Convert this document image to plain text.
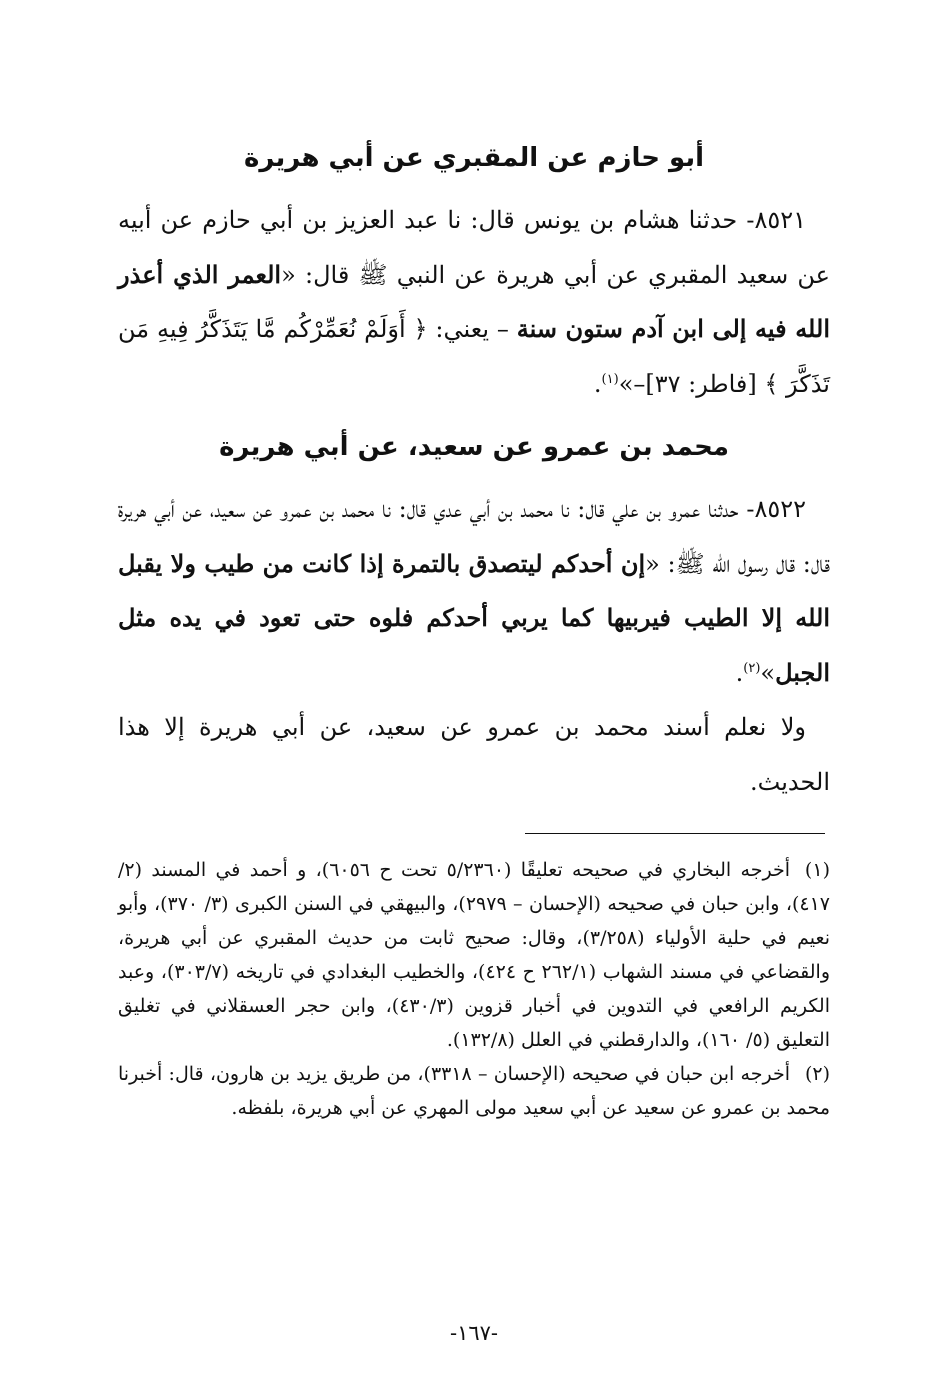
أبو حازم عن المقبري عن أبي هريرة

٨٥٢١- حدثنا هشام بن يونس قال: نا عبد العزيز بن أبي حازم عن أبيه عن سعيد المقبري عن أبي هريرة عن النبي ﷺ قال: «العمر الذي أعذر الله فيه إلى ابن آدم ستون سنة – يعني: ﴿ أَوَلَمْ نُعَمِّرْكُم مَّا يَتَذَكَّرُ فِيهِ مَن تَذَكَّرَ ﴾ [فاطر: ٣٧]–»$^{(١)}$.

محمد بن عمرو عن سعيد، عن أبي هريرة

٨٥٢٢- حدثنا عمرو بن علي قال: نا محمد بن أبي عدي قال: نا محمد بن عمرو عن سعيد، عن أبي هريرة قال: قال رسول الله ﷺ: «إن أحدكم ليتصدق بالتمرة إذا كانت من طيب ولا يقبل الله إلا الطيب فيربيها كما يربي أحدكم فلوه حتى تعود في يده مثل الجبل»$^{(٢)}$.

ولا نعلم أسند محمد بن عمرو عن سعيد، عن أبي هريرة إلا هذا الحديث.

(١)أخرجه البخاري في صحيحه تعليقًا (٥/٢٣٦٠ تحت ح ٦٠٥٦)، و أحمد في المسند (٢/ ٤١٧)، وابن حبان في صحيحه (الإحسان – ٢٩٧٩)، والبيهقي في السنن الكبرى (٣/ ٣٧٠)، وأبو نعيم في حلية الأولياء (٣/٢٥٨)، وقال: صحيح ثابت من حديث المقبري عن أبي هريرة، والقضاعي في مسند الشهاب (٢٦٢/١ ح ٤٢٤)، والخطيب البغدادي في تاريخه (٣٠٣/٧)، وعبد الكريم الرافعي في التدوين في أخبار قزوين (٤٣٠/٣)، وابن حجر العسقلاني في تغليق التعليق (٥/ ١٦٠)، والدارقطني في العلل (١٣٢/٨).

(٢)أخرجه ابن حبان في صحيحه (الإحسان – ٣٣١٨)، من طريق يزيد بن هارون، قال: أخبرنا محمد بن عمرو عن سعيد عن أبي سعيد مولى المهري عن أبي هريرة، بلفظه.

-١٦٧-
